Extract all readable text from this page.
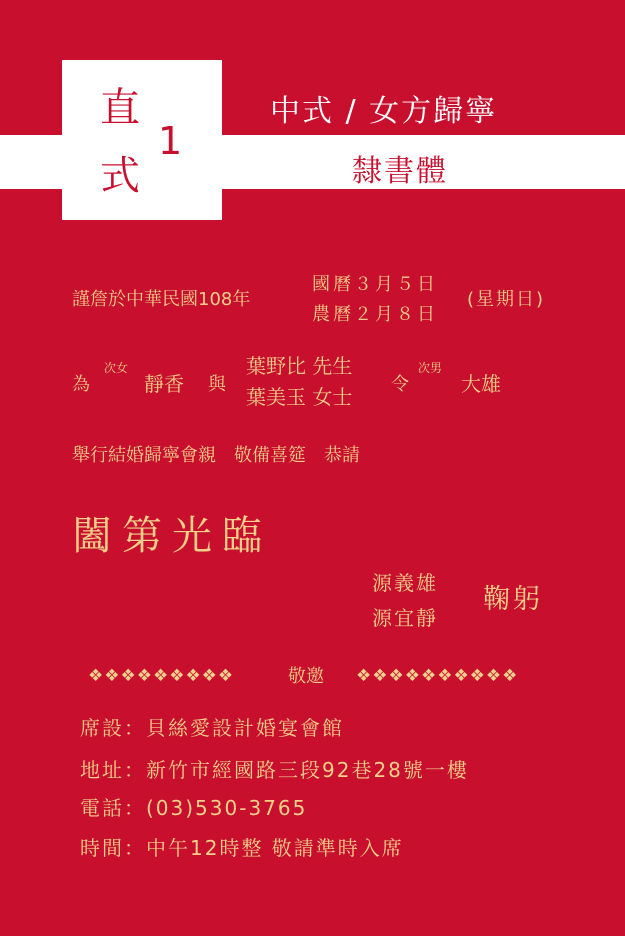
直
式
1
中式 / 女方歸寧
隸書體
謹詹於中華民國108年
國曆３月５日
農曆２月８日
(星期日)
為
次女
靜香 與
葉野比 先生
葉美玉 女士
令
次男
大雄
舉行結婚歸寧會親　敬備喜筵　恭請
闔第光臨
源義雄
源宜靜
鞠躬
❖❖❖❖❖❖❖❖❖	敬邀 ❖❖❖❖❖❖❖❖❖❖
席設：貝絲愛設計婚宴會館
地址：新竹市經國路三段92巷28號一樓
電話：(03)530-3765
時間：中午12時整 敬請準時入席
